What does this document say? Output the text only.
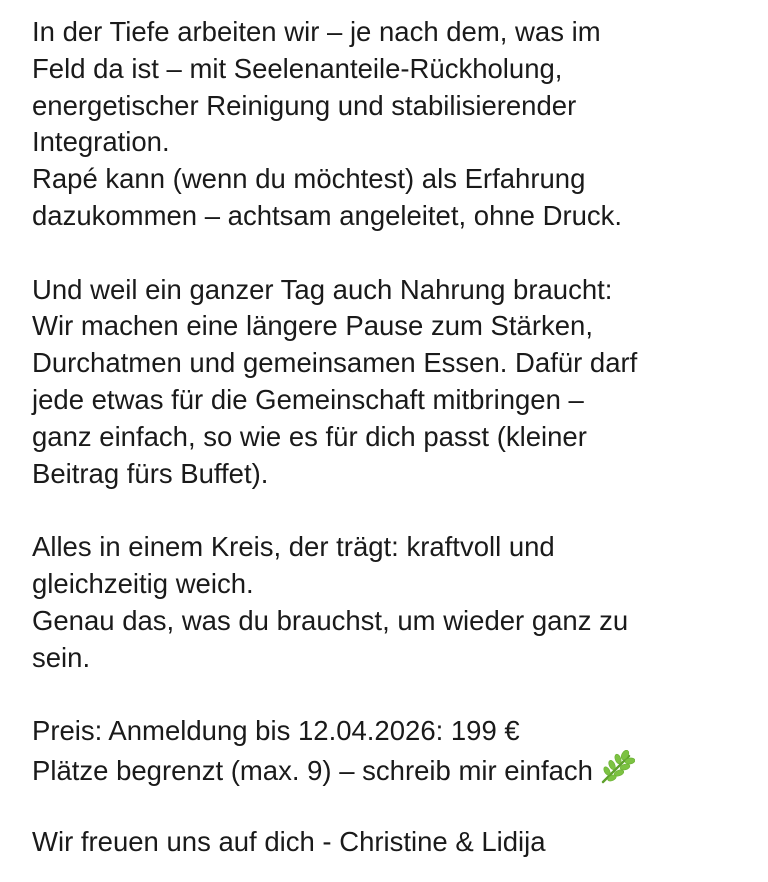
In der Tiefe arbeiten wir – je nach dem, was im
Feld da ist – mit Seelenanteile-Rückholung,
energetischer Reinigung und stabilisierender
Integration.
Rapé kann (wenn du möchtest) als Erfahrung
dazukommen – achtsam angeleitet, ohne Druck.
Und weil ein ganzer Tag auch Nahrung braucht:
Wir machen eine längere Pause zum Stärken,
Durchatmen und gemeinsamen Essen. Dafür darf
jede etwas für die Gemeinschaft mitbringen –
ganz einfach, so wie es für dich passt (kleiner
Beitrag fürs Buffet).
Alles in einem Kreis, der trägt: kraftvoll und
gleichzeitig weich.
Genau das, was du brauchst, um wieder ganz zu
sein.
Preis: Anmeldung bis 12.04.2026: 199 €
Plätze begrenzt (max. 9) – schreib mir einfach
Wir freuen uns auf dich - Christine & Lidija
